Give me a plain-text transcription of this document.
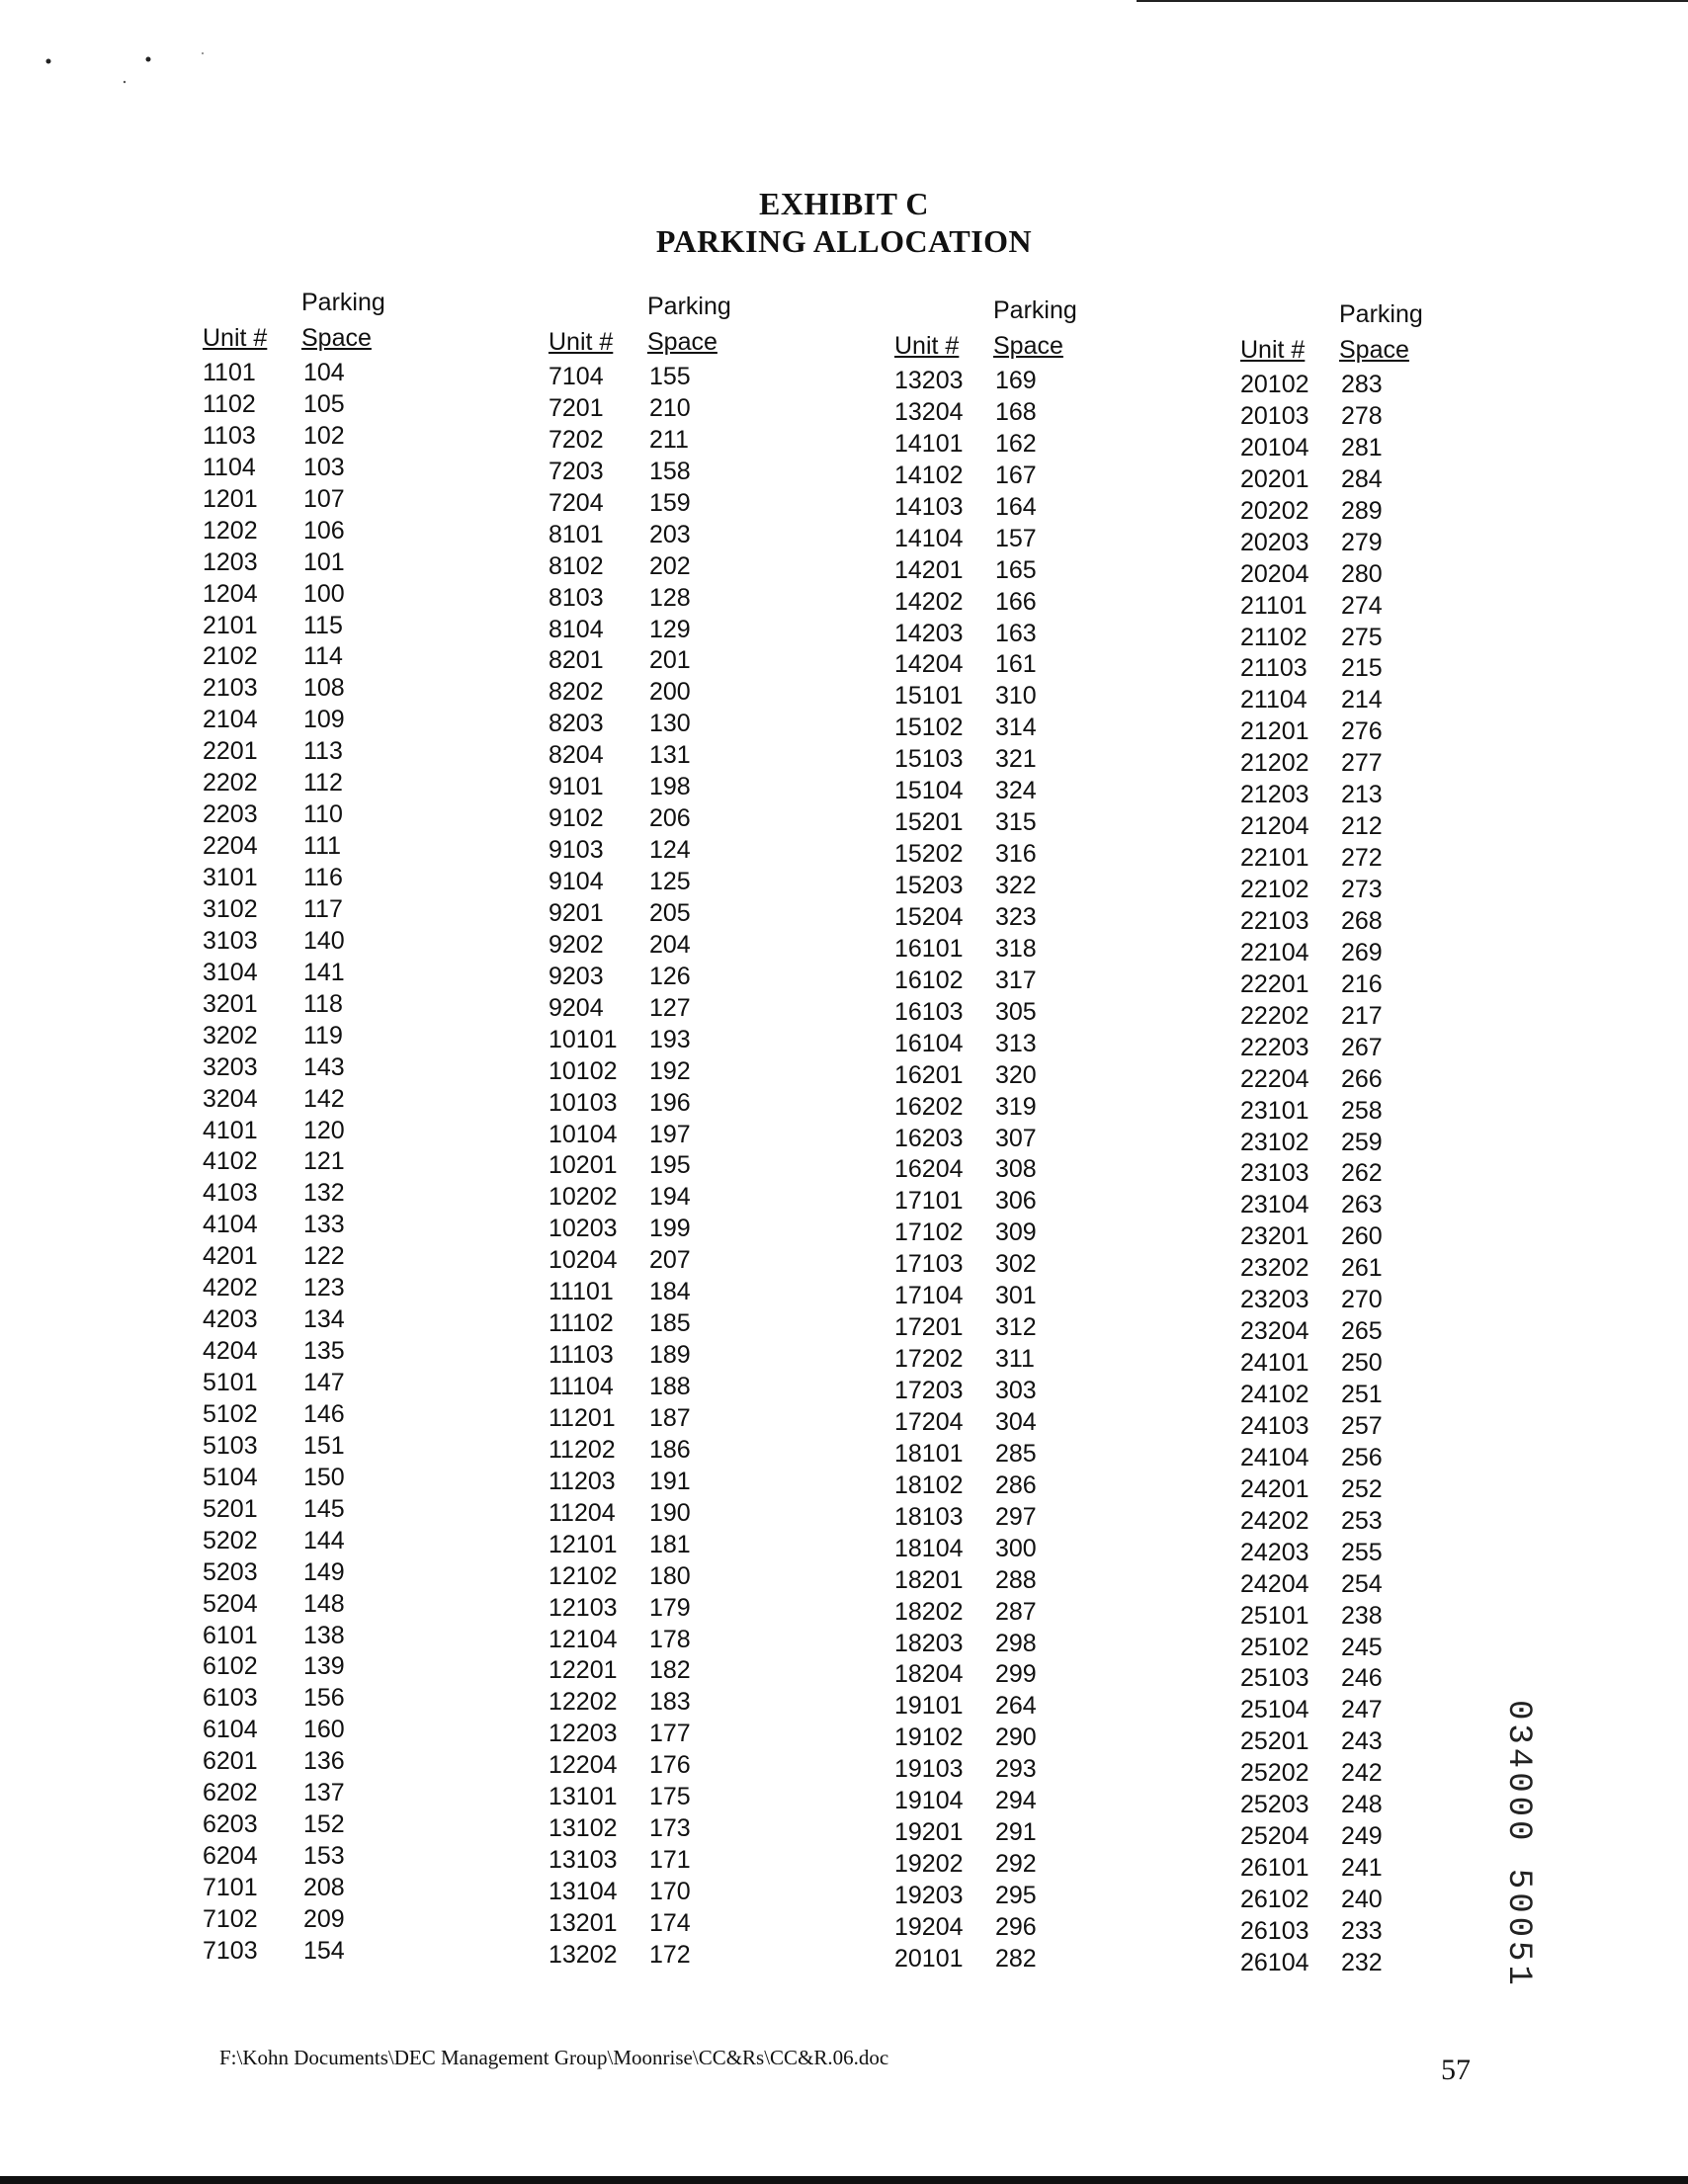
EXHIBIT C
PARKING ALLOCATION
Parking
Unit # Space
1101 104
1102 105
1103 102
1104 103
1201 107
1202 106
1203 101
1204 100
2101 115
2102 114
2103 108
2104 109
2201 113
2202 112
2203 110
2204 111
3101 116
3102 117
3103 140
3104 141
3201 118
3202 119
3203 143
3204 142
4101 120
4102 121
4103 132
4104 133
4201 122
4202 123
4203 134
4204 135
5101 147
5102 146
5103 151
5104 150
5201 145
5202 144
5203 149
5204 148
6101 138
6102 139
6103 156
6104 160
6201 136
6202 137
6203 152
6204 153
7101 208
7102 209
7103 154
Parking
Unit # Space
7104 155
7201 210
7202 211
7203 158
7204 159
8101 203
8102 202
8103 128
8104 129
8201 201
8202 200
8203 130
8204 131
9101 198
9102 206
9103 124
9104 125
9201 205
9202 204
9203 126
9204 127
10101 193
10102 192
10103 196
10104 197
10201 195
10202 194
10203 199
10204 207
11101 184
11102 185
11103 189
11104 188
11201 187
11202 186
11203 191
11204 190
12101 181
12102 180
12103 179
12104 178
12201 182
12202 183
12203 177
12204 176
13101 175
13102 173
13103 171
13104 170
13201 174
13202 172
Parking
Unit # Space
13203 169
13204 168
14101 162
14102 167
14103 164
14104 157
14201 165
14202 166
14203 163
14204 161
15101 310
15102 314
15103 321
15104 324
15201 315
15202 316
15203 322
15204 323
16101 318
16102 317
16103 305
16104 313
16201 320
16202 319
16203 307
16204 308
17101 306
17102 309
17103 302
17104 301
17201 312
17202 311
17203 303
17204 304
18101 285
18102 286
18103 297
18104 300
18201 288
18202 287
18203 298
18204 299
19101 264
19102 290
19103 293
19104 294
19201 291
19202 292
19203 295
19204 296
20101 282
Parking
Unit # Space
20102 283
20103 278
20104 281
20201 284
20202 289
20203 279
20204 280
21101 274
21102 275
21103 215
21104 214
21201 276
21202 277
21203 213
21204 212
22101 272
22102 273
22103 268
22104 269
22201 216
22202 217
22203 267
22204 266
23101 258
23102 259
23103 262
23104 263
23201 260
23202 261
23203 270
23204 265
24101 250
24102 251
24103 257
24104 256
24201 252
24202 253
24203 255
24204 254
25101 238
25102 245
25103 246
25104 247
25201 243
25202 242
25203 248
25204 249
26101 241
26102 240
26103 233
26104 232
F:\Kohn Documents\DEC Management Group\Moonrise\CC&Rs\CC&R.06.doc	57
034000 50051
